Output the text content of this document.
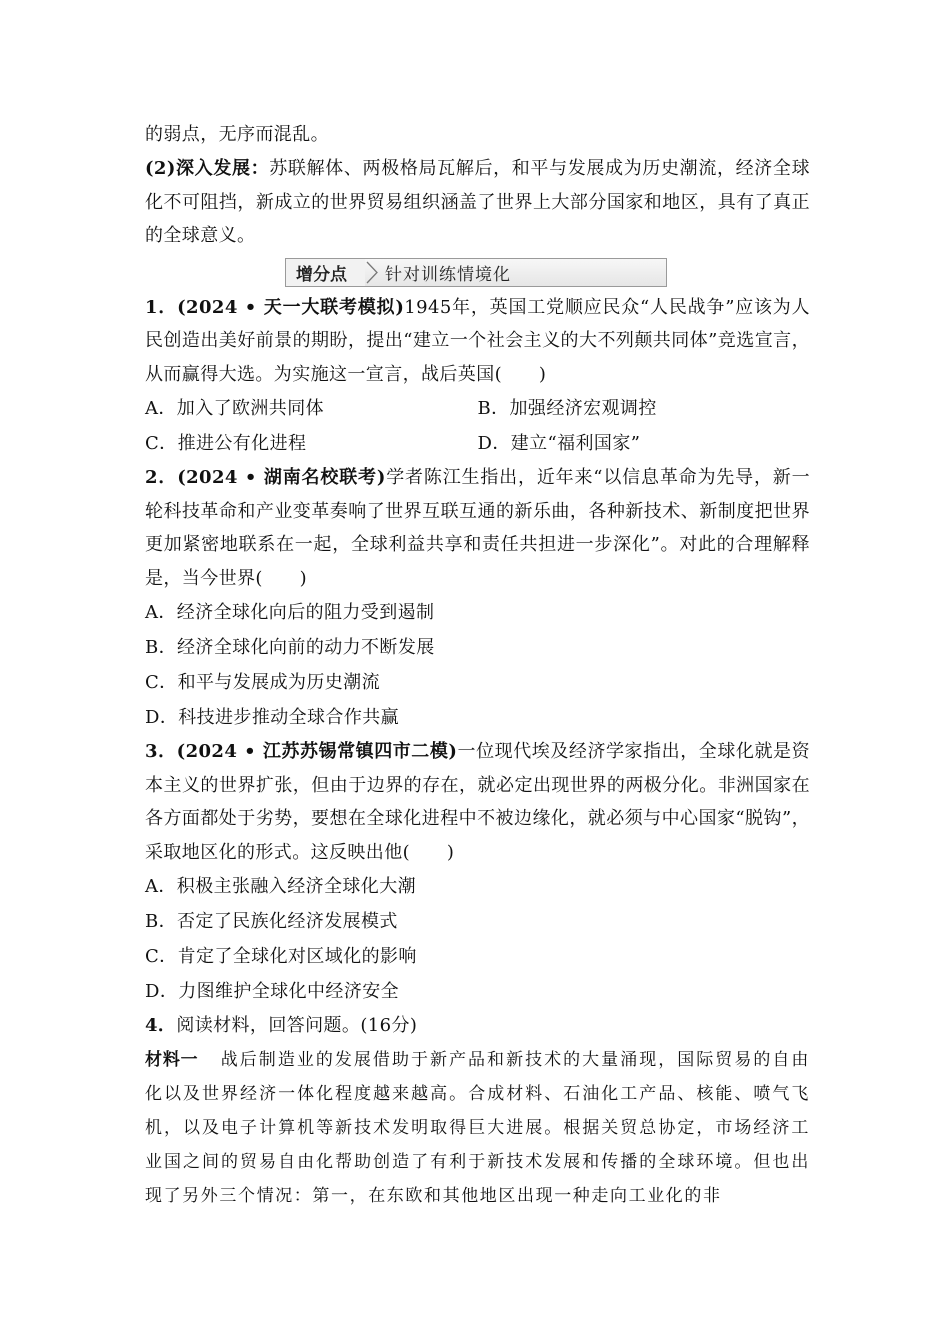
的弱点，无序而混乱。
(2)深入发展：苏联解体、两极格局瓦解后，和平与发展成为历史潮流，经济全球化不可阻挡，新成立的世界贸易组织涵盖了世界上大部分国家和地区，具有了真正的全球意义。
增分点	针对训练情境化
1．(2024 • 天一大联考模拟)1945年，英国工党顺应民众“人民战争”应该为人民创造出美好前景的期盼，提出“建立一个社会主义的大不列颠共同体”竞选宣言，从而赢得大选。为实施这一宣言，战后英国(　　)
A．加入了欧洲共同体	B．加强经济宏观调控
C．推进公有化进程	D．建立“福利国家”
2．(2024 • 湖南名校联考)学者陈江生指出，近年来“以信息革命为先导，新一轮科技革命和产业变革奏响了世界互联互通的新乐曲，各种新技术、新制度把世界更加紧密地联系在一起，全球利益共享和责任共担进一步深化”。对此的合理解释是，当今世界(　　)
A．经济全球化向后的阻力受到遏制
B．经济全球化向前的动力不断发展
C．和平与发展成为历史潮流
D．科技进步推动全球合作共赢
3．(2024 • 江苏苏锡常镇四市二模)一位现代埃及经济学家指出，全球化就是资本主义的世界扩张，但由于边界的存在，就必定出现世界的两极分化。非洲国家在各方面都处于劣势，要想在全球化进程中不被边缘化，就必须与中心国家“脱钩”，采取地区化的形式。这反映出他(　　)
A．积极主张融入经济全球化大潮
B．否定了民族化经济发展模式
C．肯定了全球化对区域化的影响
D．力图维护全球化中经济安全
4．阅读材料，回答问题。(16分)
材料一 战后制造业的发展借助于新产品和新技术的大量涌现，国际贸易的自由化以及世界经济一体化程度越来越高。合成材料、石油化工产品、核能、喷气飞机，以及电子计算机等新技术发明取得巨大进展。根据关贸总协定，市场经济工业国之间的贸易自由化帮助创造了有利于新技术发展和传播的全球环境。但也出现了另外三个情况：第一，在东欧和其他地区出现一种走向工业化的非
